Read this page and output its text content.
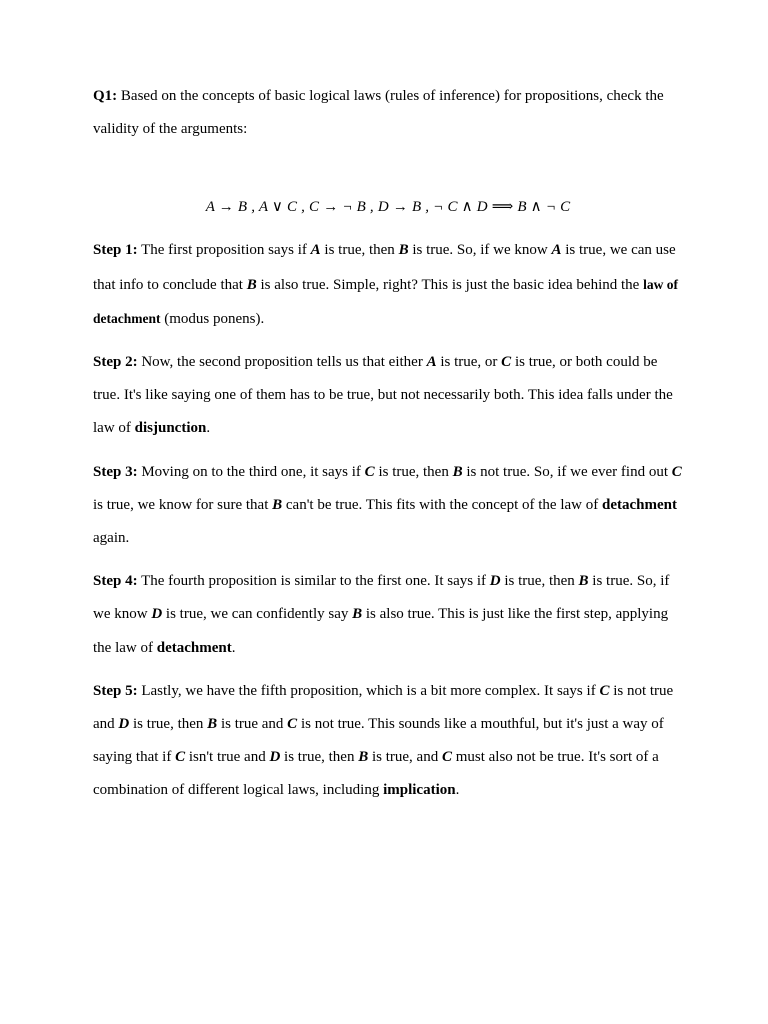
Q1: Based on the concepts of basic logical laws (rules of inference) for propositions, check the validity of the arguments:

A → B , A ∨ C , C → ¬ B , D → B , ¬ C ∧ D ⟹ B ∧ ¬ C

Step 1: The first proposition says if A is true, then B is true. So, if we know A is true, we can use that info to conclude that B is also true. Simple, right? This is just the basic idea behind the law of detachment (modus ponens).

Step 2: Now, the second proposition tells us that either A is true, or C is true, or both could be true. It's like saying one of them has to be true, but not necessarily both. This idea falls under the law of disjunction.

Step 3: Moving on to the third one, it says if C is true, then B is not true. So, if we ever find out C is true, we know for sure that B can't be true. This fits with the concept of the law of detachment again.

Step 4: The fourth proposition is similar to the first one. It says if D is true, then B is true. So, if we know D is true, we can confidently say B is also true. This is just like the first step, applying the law of detachment.

Step 5: Lastly, we have the fifth proposition, which is a bit more complex. It says if C is not true and D is true, then B is true and C is not true. This sounds like a mouthful, but it's just a way of saying that if C isn't true and D is true, then B is true, and C must also not be true. It's sort of a combination of different logical laws, including implication.
